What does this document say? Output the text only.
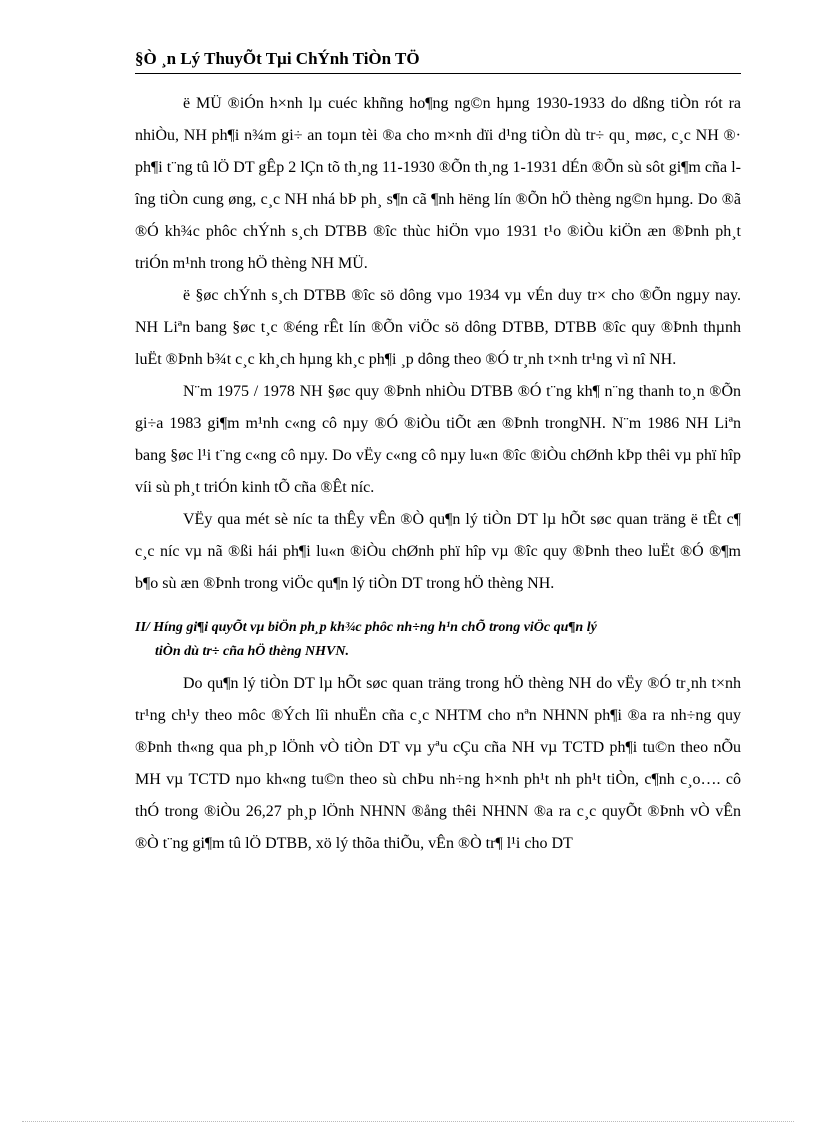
§Ò ¸n Lý ThuyÕt Tµi ChÝnh TiÒn TÖ

ë MÜ ®iÓn h×nh lµ cuéc khñng ho¶ng ng©n hµng 1930-1933 do dßng tiÒn rót ra nhiÒu, NH ph¶i n¾m gi÷ an toµn tèi ®a cho m×nh dïi d¹ng tiÒn dù tr÷ qu¸ møc, c¸c NH ®· ph¶i t¨ng tû lÖ DT gÊp 2 lÇn tõ th¸ng 11-1930 ®Õn th¸ng 1-1931 dÉn ®Õn sù sôt gi¶m cña lîng tiÒn cung øng, c¸c NH nhá bÞ ph¸ s¶n cã ¶nh hëng lín ®Õn hÖ thèng ng©n hµng. Do ®ã ®Ó kh¾c phôc chÝnh s¸ch DTBB ®îc thùc hiÖn vµo 1931 t¹o ®iÒu kiÖn æn ®Þnh ph¸t triÓn m¹nh trong hÖ thèng NH MÜ.

ë §øc chÝnh s¸ch DTBB ®îc sö dông vµo 1934 vµ vÉn duy tr× cho ®Õn ngµy nay. NH Liªn bang §øc t¸c ®éng rÊt lín ®Õn viÖc sö dông DTBB, DTBB ®îc quy ®Þnh thµnh luËt ®Þnh b¾t c¸c kh¸ch hµng kh¸c ph¶i ¸p dông theo ®Ó tr¸nh t×nh tr¹ng vì nî NH.

N¨m 1975 / 1978 NH §øc quy ®Þnh nhiÒu DTBB ®Ó t¨ng kh¶ n¨ng thanh to¸n ®Õn gi÷a 1983 gi¶m m¹nh c«ng cô nµy ®Ó ®iÒu tiÕt æn ®Þnh trongNH. N¨m 1986 NH Liªn bang §øc l¹i t¨ng c«ng cô nµy. Do vËy c«ng cô nµy lu«n ®îc ®iÒu chØnh kÞp thêi vµ phï hîp víi sù ph¸t triÓn kinh tÕ cña ®Êt níc.

VËy qua mét sè níc ta thÊy vÊn ®Ò qu¶n lý tiÒn DT lµ hÕt søc quan träng ë tÊt c¶ c¸c níc vµ nã ®ßi hái ph¶i lu«n ®iÒu chØnh phï hîp vµ ®îc quy ®Þnh theo luËt ®Ó ®¶m b¶o sù æn ®Þnh trong viÖc qu¶n lý tiÒn DT trong hÖ thèng NH.

II/ Híng gi¶i quyÕt vµ biÖn ph¸p kh¾c phôc nh÷ng h¹n chÕ trong viÖc qu¶n lý
tiÒn dù tr÷ cña hÖ thèng NHVN.

Do qu¶n lý tiÒn DT lµ hÕt søc quan träng trong hÖ thèng NH do vËy ®Ó tr¸nh t×nh tr¹ng ch¹y theo môc ®Ých lîi nhuËn cña c¸c NHTM cho nªn NHNN ph¶i ®a ra nh÷ng quy ®Þnh th«ng qua ph¸p lÖnh vÒ tiÒn DT vµ yªu cÇu cña NH vµ TCTD ph¶i tu©n theo nÕu MH vµ TCTD nµo kh«ng tu©n theo sù chÞu nh÷ng h×nh ph¹t nh ph¹t tiÒn, c¶nh c¸o…. cô thÓ trong ®iÒu 26,27 ph¸p lÖnh NHNN ®ång thêi NHNN ®a ra c¸c quyÕt ®Þnh vÒ vÊn ®Ò t¨ng gi¶m tû lÖ DTBB, xö lý thõa thiÕu, vÊn ®Ò tr¶ l¹i cho DT
